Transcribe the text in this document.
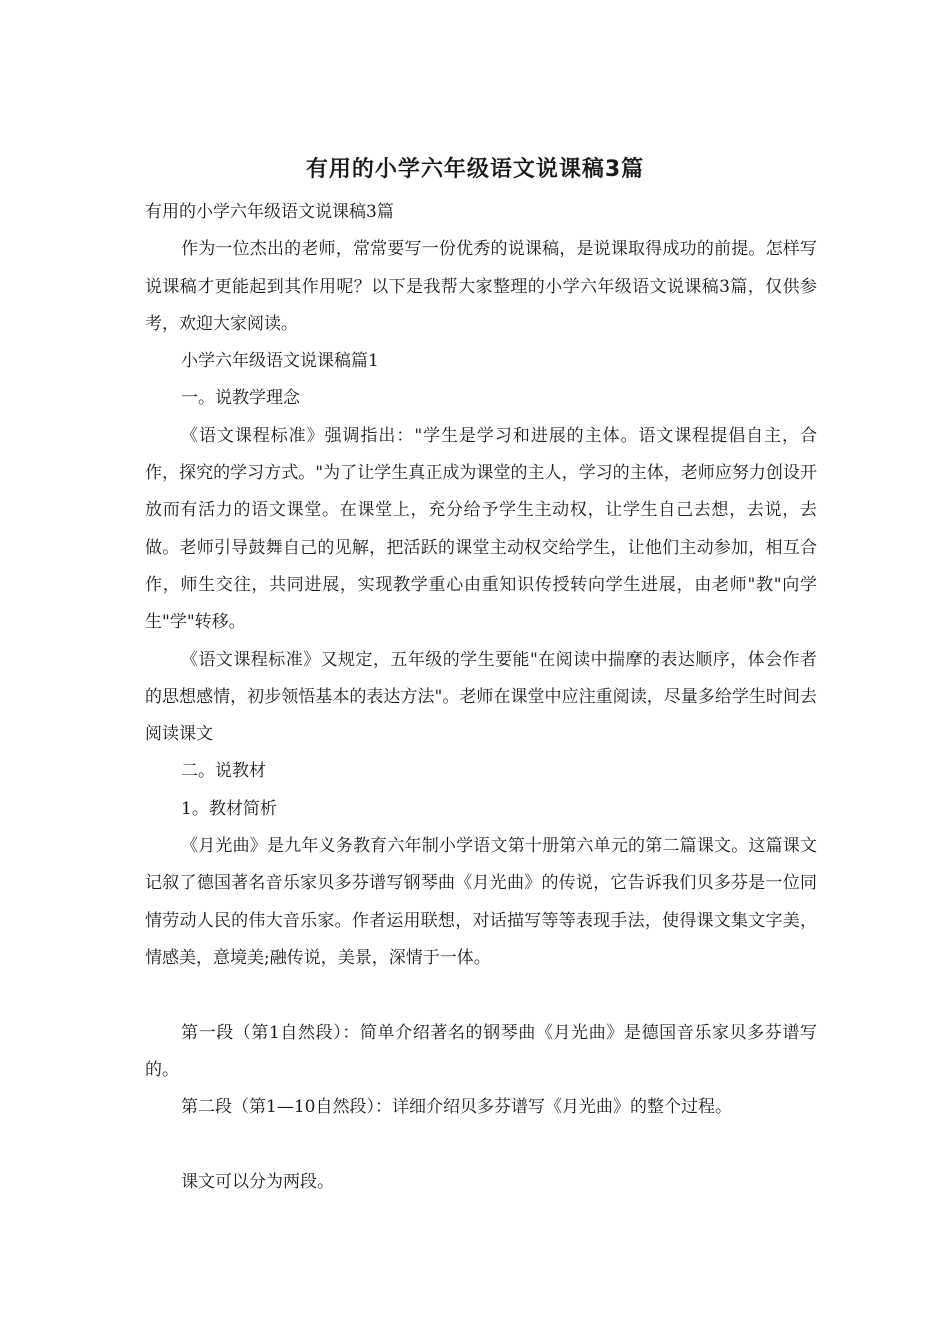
有用的小学六年级语文说课稿3篇

有用的小学六年级语文说课稿3篇

作为一位杰出的老师，常常要写一份优秀的说课稿，是说课取得成功的前提。怎样写说课稿才更能起到其作用呢？以下是我帮大家整理的小学六年级语文说课稿3篇，仅供参考，欢迎大家阅读。

小学六年级语文说课稿篇1

一。说教学理念

《语文课程标准》强调指出："学生是学习和进展的主体。语文课程提倡自主，合作，探究的学习方式。"为了让学生真正成为课堂的主人，学习的主体，老师应努力创设开放而有活力的语文课堂。在课堂上，充分给予学生主动权，让学生自己去想，去说，去做。老师引导鼓舞自己的见解，把活跃的课堂主动权交给学生，让他们主动参加，相互合作，师生交往，共同进展，实现教学重心由重知识传授转向学生进展，由老师"教"向学生"学"转移。

《语文课程标准》又规定，五年级的学生要能"在阅读中揣摩的表达顺序，体会作者的思想感情，初步领悟基本的表达方法"。老师在课堂中应注重阅读，尽量多给学生时间去阅读课文

二。说教材

1。教材简析

《月光曲》是九年义务教育六年制小学语文第十册第六单元的第二篇课文。这篇课文记叙了德国著名音乐家贝多芬谱写钢琴曲《月光曲》的传说，它告诉我们贝多芬是一位同情劳动人民的伟大音乐家。作者运用联想，对话描写等等表现手法，使得课文集文字美，情感美，意境美;融传说，美景，深情于一体。

第一段（第1自然段）：简单介绍著名的钢琴曲《月光曲》是德国音乐家贝多芬谱写的。

第二段（第1—10自然段）：详细介绍贝多芬谱写《月光曲》的整个过程。

课文可以分为两段。
